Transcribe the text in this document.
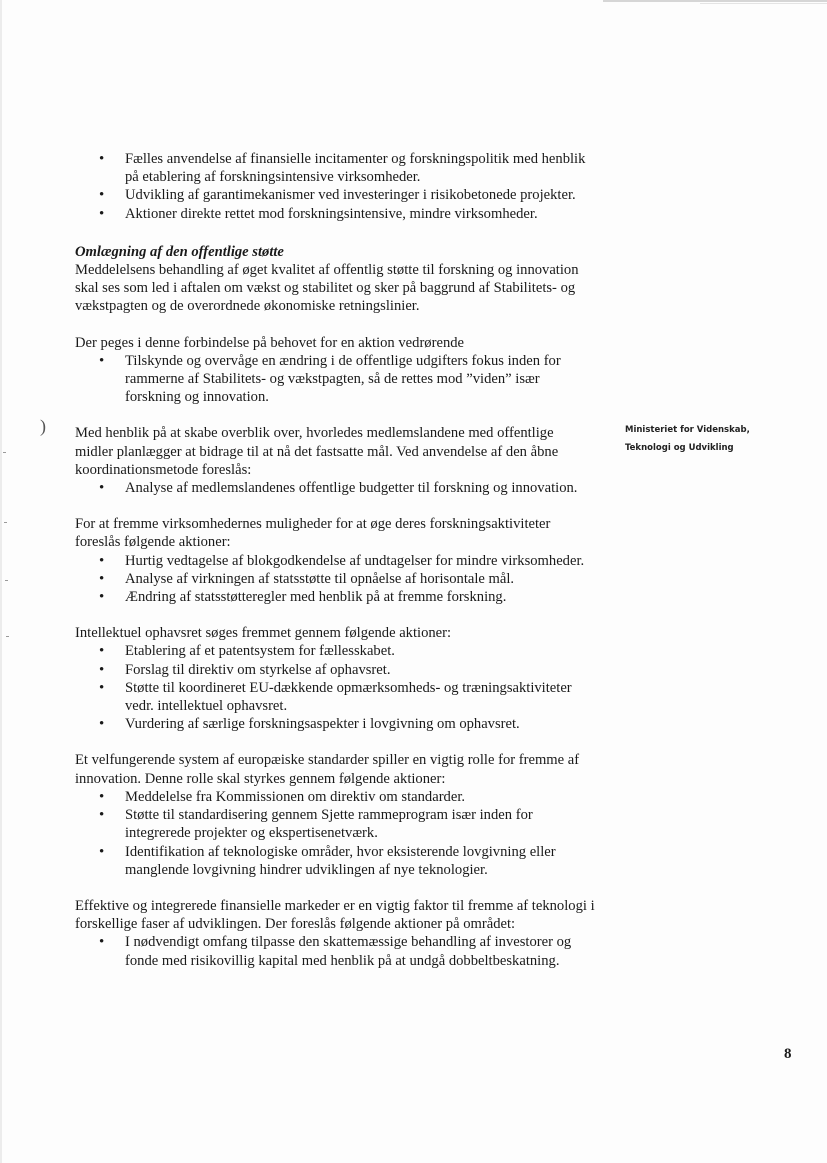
)
• Fælles anvendelse af finansielle incitamenter og forskningspolitik med henblik på etablering af forskningsintensive virksomheder.
• Udvikling af garantimekanismer ved investeringer i risikobetonede projekter.
• Aktioner direkte rettet mod forskningsintensive, mindre virksomheder.

Omlægning af den offentlige støtte

Meddelelsens behandling af øget kvalitet af offentlig støtte til forskning og innovation skal ses som led i aftalen om vækst og stabilitet og sker på baggrund af Stabilitets- og vækstpagten og de overordnede økonomiske retningslinier.

Der peges i denne forbindelse på behovet for en aktion vedrørende

• Tilskynde og overvåge en ændring i de offentlige udgifters fokus inden for rammerne af Stabilitets- og vækstpagten, så de rettes mod ”viden” især forskning og innovation.

Med henblik på at skabe overblik over, hvorledes medlemslandene med offentlige midler planlægger at bidrage til at nå det fastsatte mål. Ved anvendelse af den åbne koordinationsmetode foreslås:

• Analyse af medlemslandenes offentlige budgetter til forskning og innovation.

For at fremme virksomhedernes muligheder for at øge deres forskningsaktiviteter foreslås følgende aktioner:

• Hurtig vedtagelse af blokgodkendelse af undtagelser for mindre virksomheder.
• Analyse af virkningen af statsstøtte til opnåelse af horisontale mål.
• Ændring af statsstøtteregler med henblik på at fremme forskning.

Intellektuel ophavsret søges fremmet gennem følgende aktioner:

• Etablering af et patentsystem for fællesskabet.
• Forslag til direktiv om styrkelse af ophavsret.
• Støtte til koordineret EU-dækkende opmærksomheds- og træningsaktiviteter vedr. intellektuel ophavsret.
• Vurdering af særlige forskningsaspekter i lovgivning om ophavsret.

Et velfungerende system af europæiske standarder spiller en vigtig rolle for fremme af innovation. Denne rolle skal styrkes gennem følgende aktioner:

• Meddelelse fra Kommissionen om direktiv om standarder.
• Støtte til standardisering gennem Sjette rammeprogram især inden for integrerede projekter og ekspertisenetværk.
• Identifikation af teknologiske områder, hvor eksisterende lovgivning eller manglende lovgivning hindrer udviklingen af nye teknologier.

Effektive og integrerede finansielle markeder er en vigtig faktor til fremme af teknologi i forskellige faser af udviklingen. Der foreslås følgende aktioner på området:

• I nødvendigt omfang tilpasse den skattemæssige behandling af investorer og fonde med risikovillig kapital med henblik på at undgå dobbeltbeskatning.
Ministeriet for Videnskab,
Teknologi og Udvikling
8
